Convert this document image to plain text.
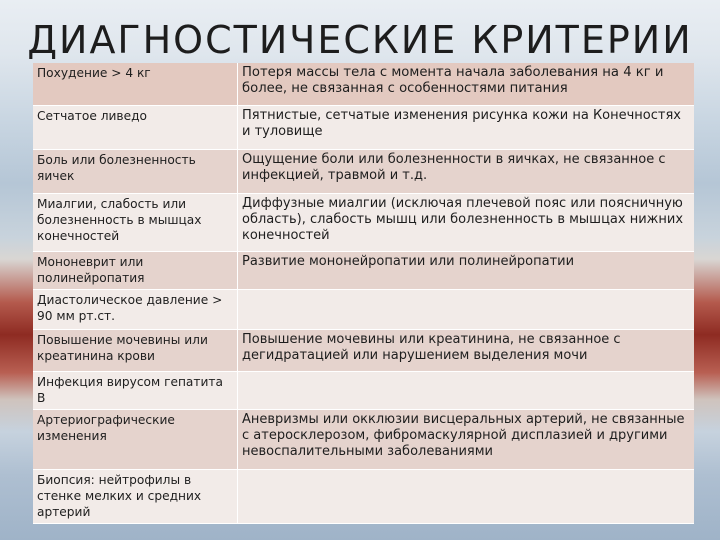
ДИАГНОСТИЧЕСКИЕ КРИТЕРИИ
Похудение > 4 кг	Потеря массы тела с момента начала заболевания на 4 кг и более, не связанная с особенностями питания
Сетчатое ливедо	Пятнистые, сетчатые изменения рисунка кожи на Конечностях и туловище
Боль или болезненность яичек	Ощущение боли или болезненности в яичках, не связанное с инфекцией, травмой и т.д.
Миалгии, слабость или болезненность в мышцах конечностей	Диффузные миалгии (исключая плечевой пояс или поясничную область), слабость мышц или болезненность в мышцах нижних конечностей
Мононеврит или полинейропатия	Развитие мононейропатии или полинейропатии
Диастолическое давление > 90 мм рт.ст.	
Повышение мочевины или креатинина крови	Повышение мочевины или креатинина, не связанное с дегидратацией или нарушением выделения мочи
Инфекция вирусом гепатита В	
Артериографические изменения	Аневризмы или окклюзии висцеральных артерий, не связанные с атеросклерозом, фибромаскулярной дисплазией и другими невоспалительными заболеваниями
Биопсия: нейтрофилы в стенке мелких и средних артерий	
